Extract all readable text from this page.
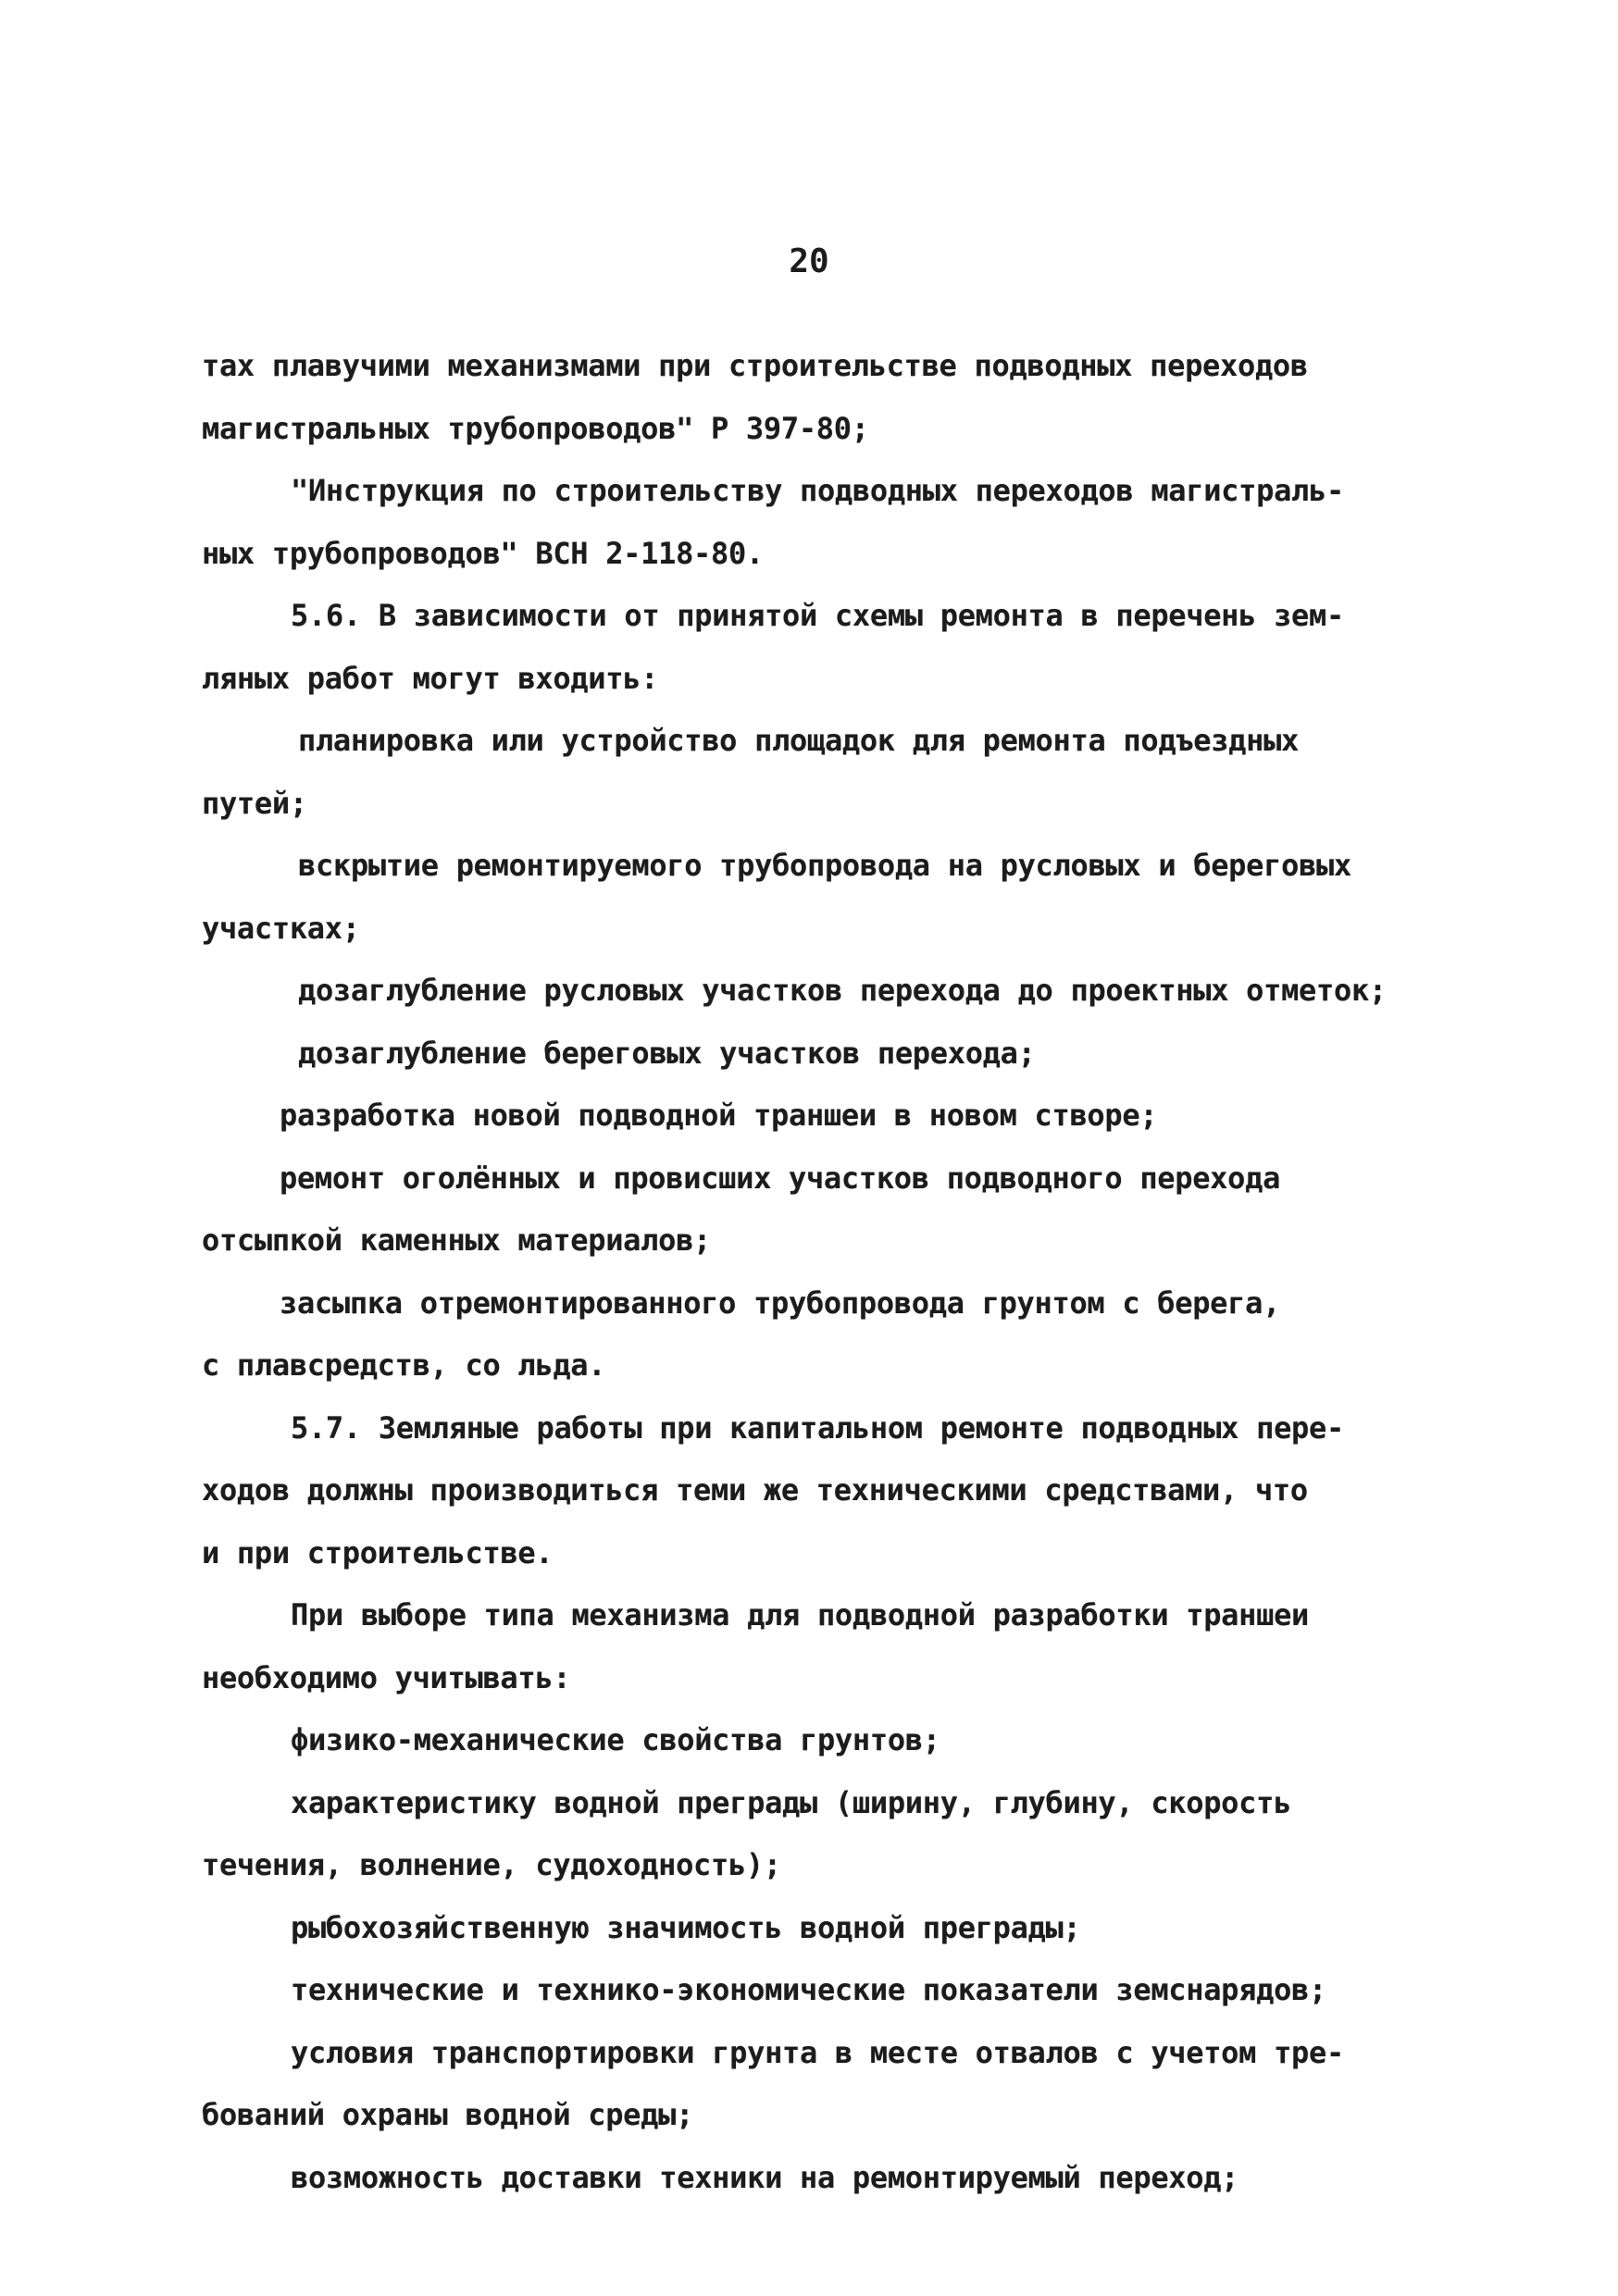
20
тах плавучими механизмами при строительстве подводных переходов
магистральных трубопроводов" Р 397-80;
"Инструкция по строительству подводных переходов магистраль-
ных трубопроводов" ВСН 2-118-80.
5.6. В зависимости от принятой схемы ремонта в перечень зем-
ляных работ могут входить:
планировка или устройство площадок для ремонта подъездных
путей;
вскрытие ремонтируемого трубопровода на русловых и береговых
участках;
дозаглубление русловых участков перехода до проектных отметок;
дозаглубление береговых участков перехода;
разработка новой подводной траншеи в новом створе;
ремонт оголённых и провисших участков подводного перехода
отсыпкой каменных материалов;
засыпка отремонтированного трубопровода грунтом с берега,
с плавсредств, со льда.
5.7. Земляные работы при капитальном ремонте подводных пере-
ходов должны производиться теми же техническими средствами, что
и при строительстве.
При выборе типа механизма для подводной разработки траншеи
необходимо учитывать:
физико-механические свойства грунтов;
характеристику водной преграды (ширину, глубину, скорость
течения, волнение, судоходность);
рыбохозяйственную значимость водной преграды;
технические и технико-экономические показатели земснарядов;
условия транспортировки грунта в месте отвалов с учетом тре-
бований охраны водной среды;
возможность доставки техники на ремонтируемый переход;
